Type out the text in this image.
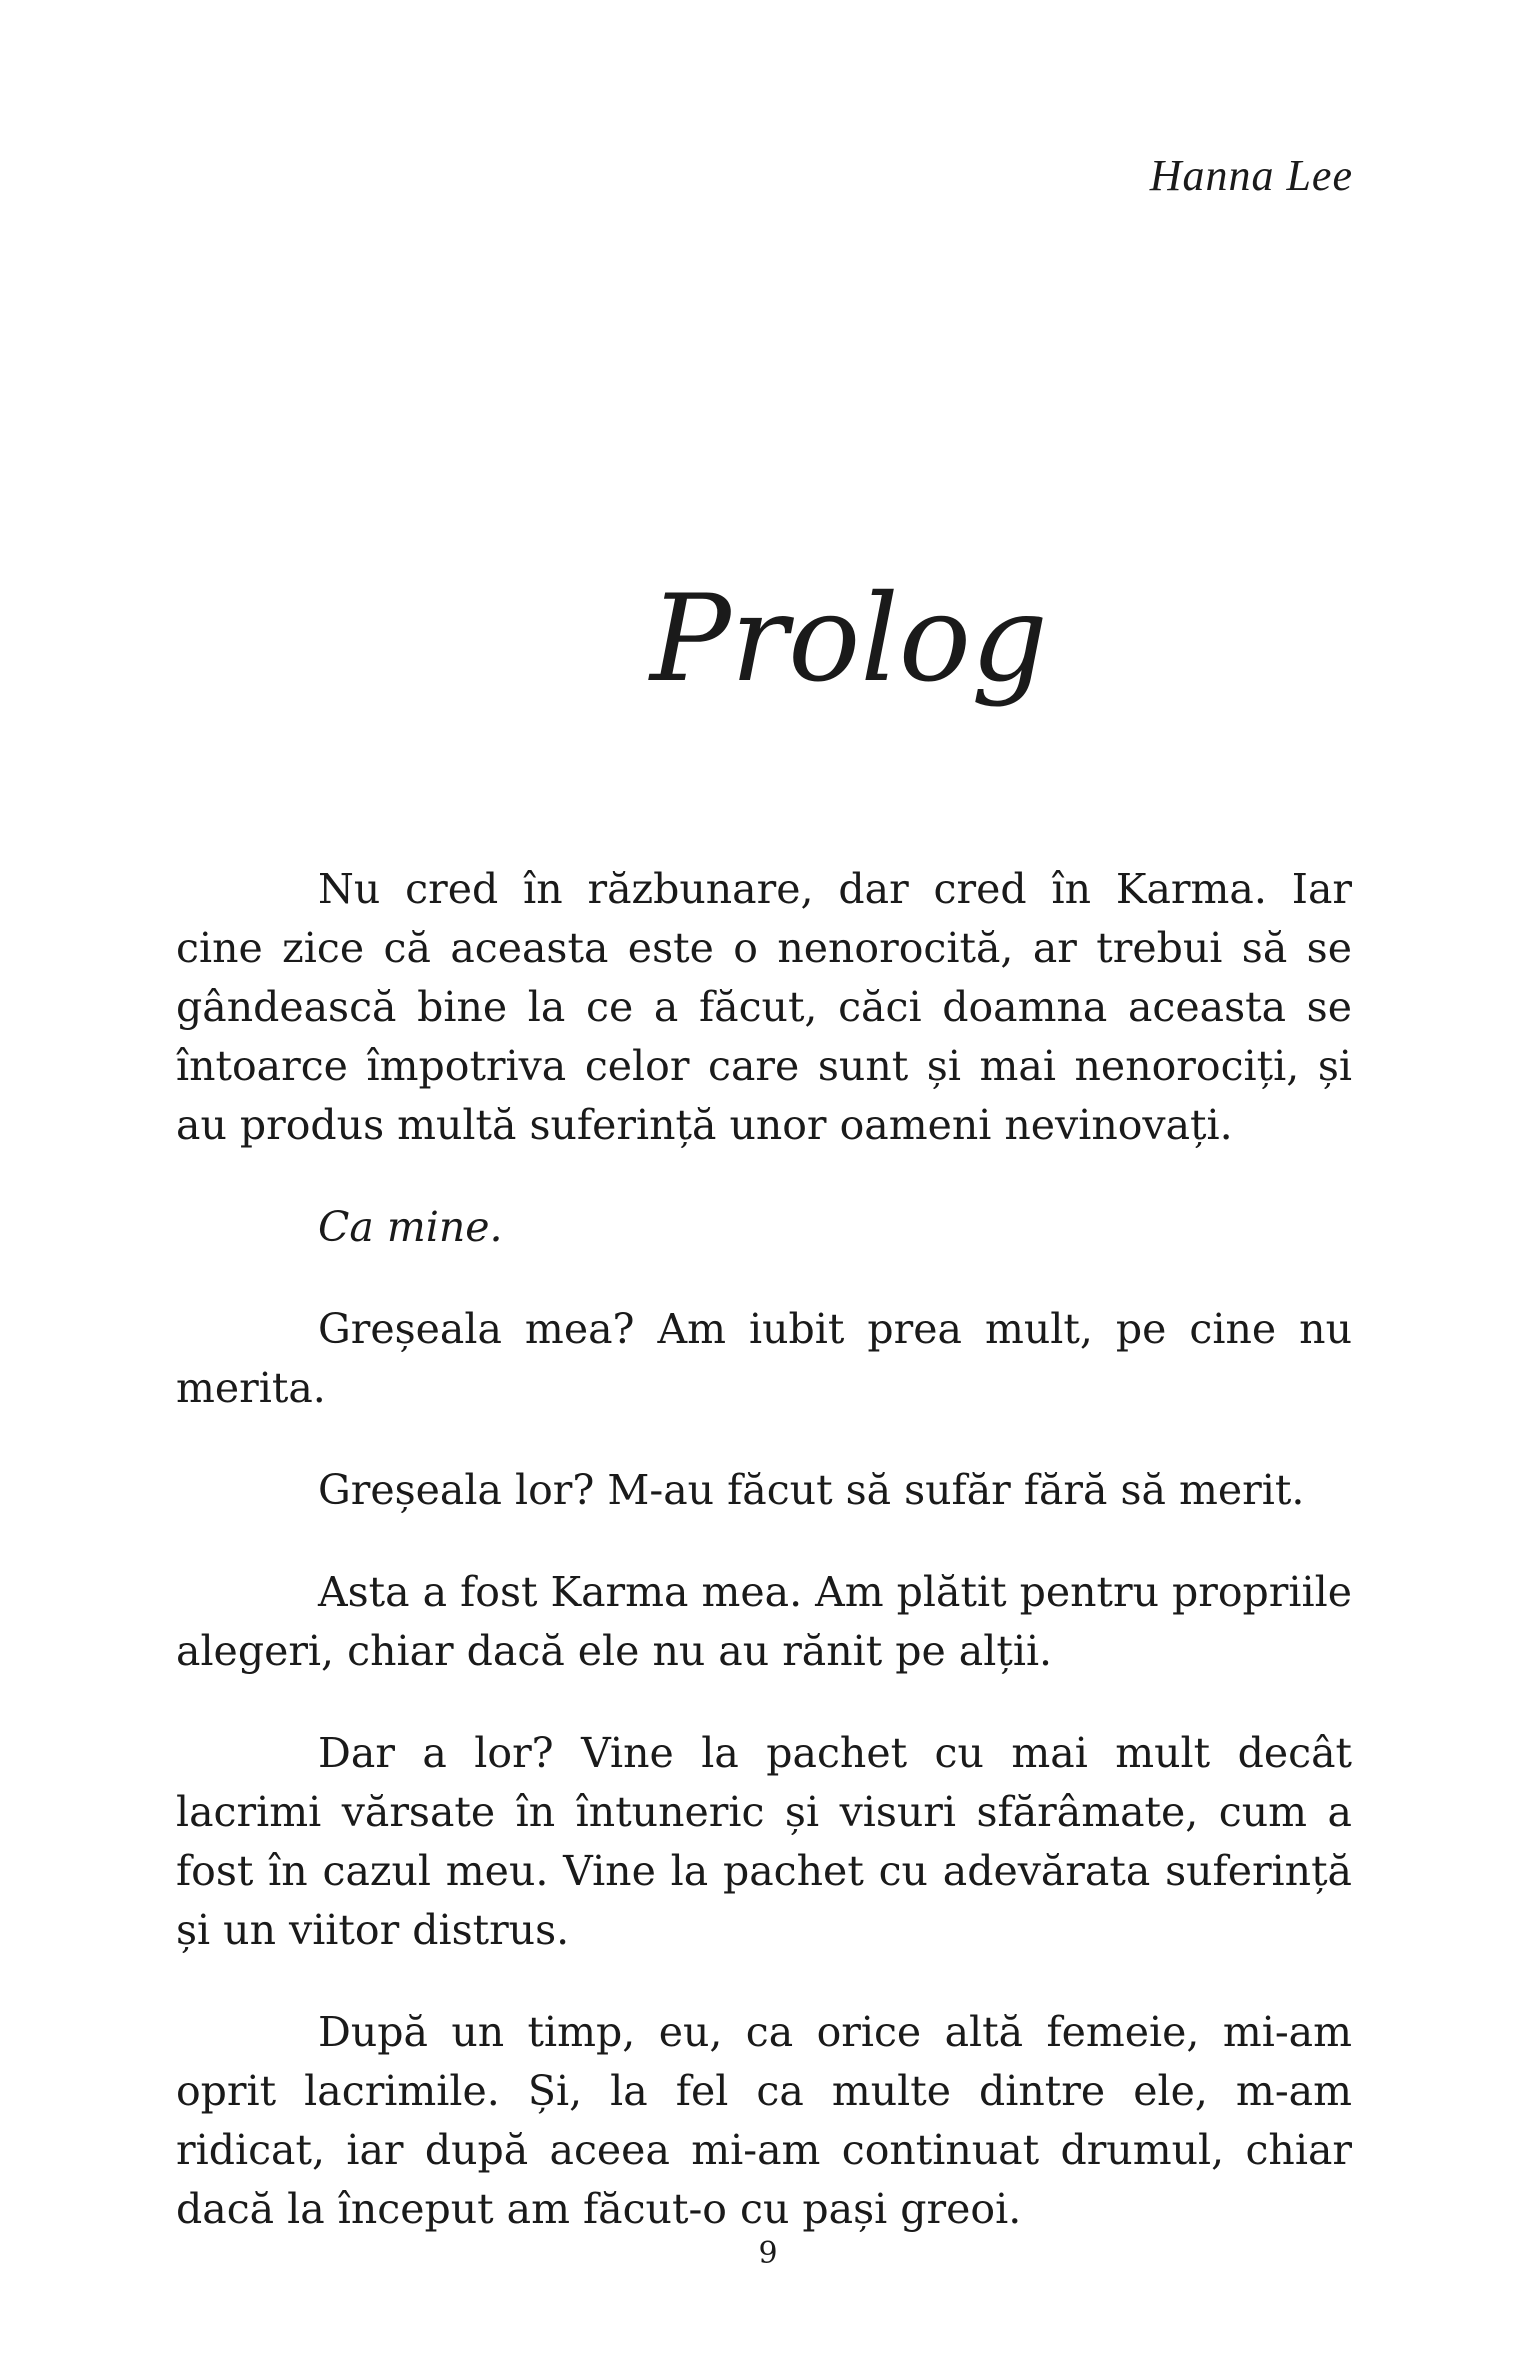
Hanna Lee
Prolog

Nu cred în răzbunare, dar cred în Karma. Iar cine zice că aceasta este o nenorocită, ar trebui să se gândească bine la ce a făcut, căci doamna aceasta se întoarce împotriva celor care sunt și mai nenorociți, și au produs multă suferință unor oameni nevinovați.

Ca mine.

Greșeala mea? Am iubit prea mult, pe cine nu merita.

Greșeala lor? M-au făcut să sufăr fără să merit.

Asta a fost Karma mea. Am plătit pentru propriile alegeri, chiar dacă ele nu au rănit pe alții.

Dar a lor? Vine la pachet cu mai mult decât lacrimi vărsate în întuneric și visuri sfărâmate, cum a fost în cazul meu. Vine la pachet cu adevărata suferință și un viitor distrus.

După un timp, eu, ca orice altă femeie, mi-am oprit lacrimile. Și, la fel ca multe dintre ele, m-am ridicat, iar după aceea mi-am continuat drumul, chiar dacă la început am făcut-o cu pași greoi.

9
